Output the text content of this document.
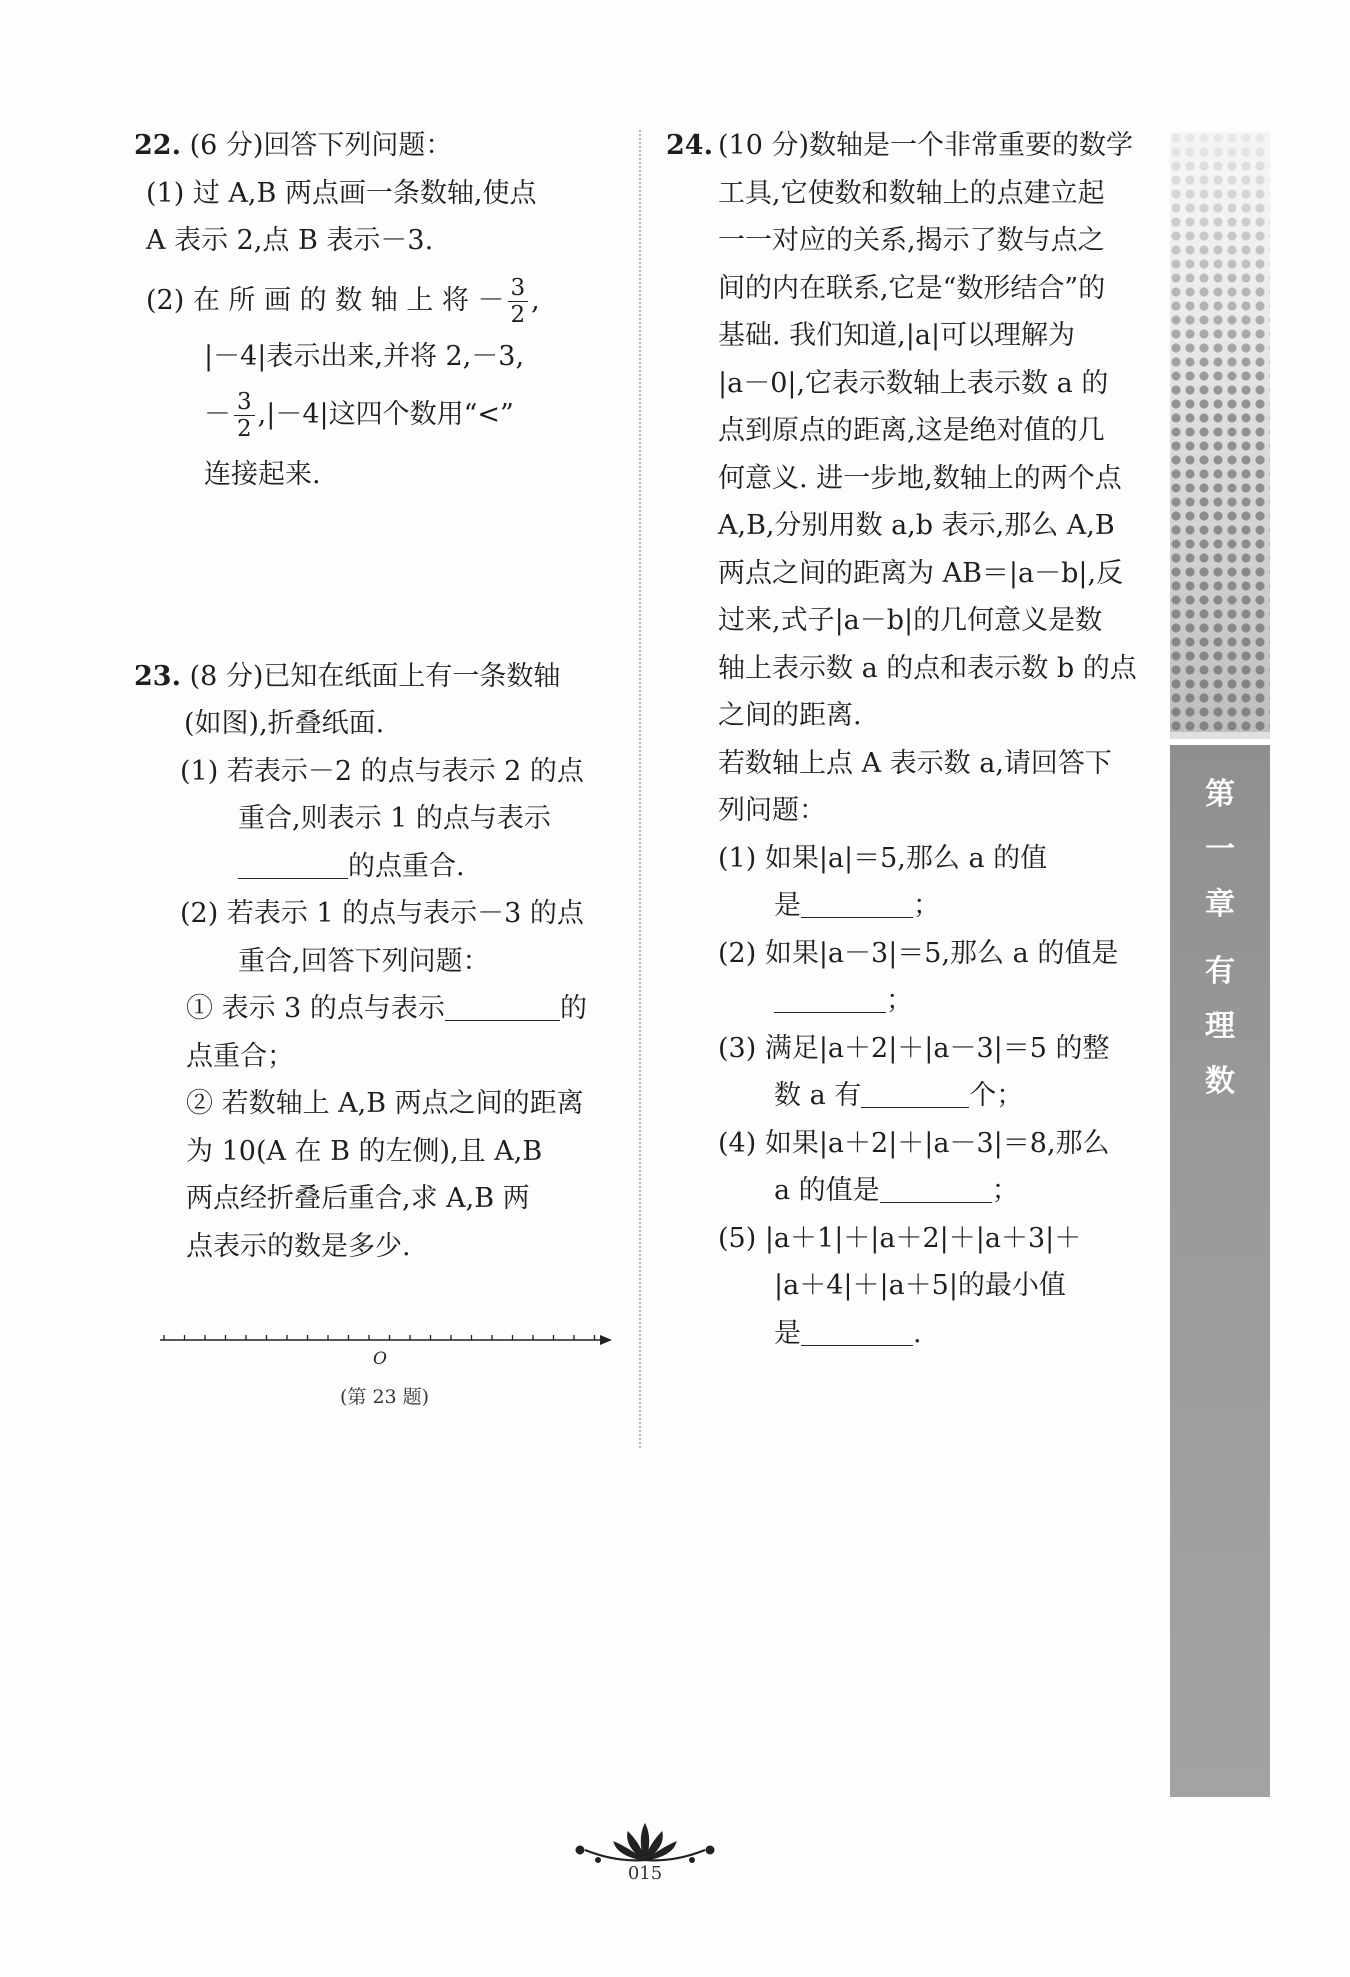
22. (6 分)回答下列问题：
(1) 过 A,B 两点画一条数轴,使点
A 表示 2,点 B 表示－3.
(2) 在 所 画 的 数 轴 上 将 － $\frac{3}{2}$ ,
|－4|表示出来,并将 2,－3,
－ $\frac{3}{2} ,|-4|$这四个数用“<”
连接起来.
23. (8 分)已知在纸面上有一条数轴
(如图),折叠纸面.
(1) 若表示－2 的点与表示 2 的点
重合,则表示 1 的点与表示
的点重合.
(2) 若表示 1 的点与表示－3 的点
重合,回答下列问题：
① 表示 3 的点与表示	的
点重合；
② 若数轴上 A,B 两点之间的距离
为 10(A 在 B 的左侧),且 A,B
两点经折叠后重合,求 A,B 两
点表示的数是多少.
O
(第 23 题)
24. (10 分)数轴是一个非常重要的数学
工具,它使数和数轴上的点建立起
一一对应的关系,揭示了数与点之
间的内在联系,它是“数形结合”的
基础. 我们知道,|a|可以理解为
|a－0|,它表示数轴上表示数 a 的
点到原点的距离,这是绝对值的几
何意义. 进一步地,数轴上的两个点
A,B,分别用数 a,b 表示,那么 A,B
两点之间的距离为 AB＝|a－b|,反
过来,式子|a－b|的几何意义是数
轴上表示数 a 的点和表示数 b 的点
之间的距离.
若数轴上点 A 表示数 a,请回答下
列问题：
(1) 如果|a|＝5,那么 a 的值
是	；
(2) 如果|a－3|＝5,那么 a 的值是
；
(3) 满足|a＋2|＋|a－3|＝5 的整
数 a 有	个；
(4) 如果|a＋2|＋|a－3|＝8,那么
a 的值是	；
(5) |a＋1|＋|a＋2|＋|a＋3|＋
|a＋4|＋|a＋5|的最小值
是	.
第
一
章
有
理
数
015
